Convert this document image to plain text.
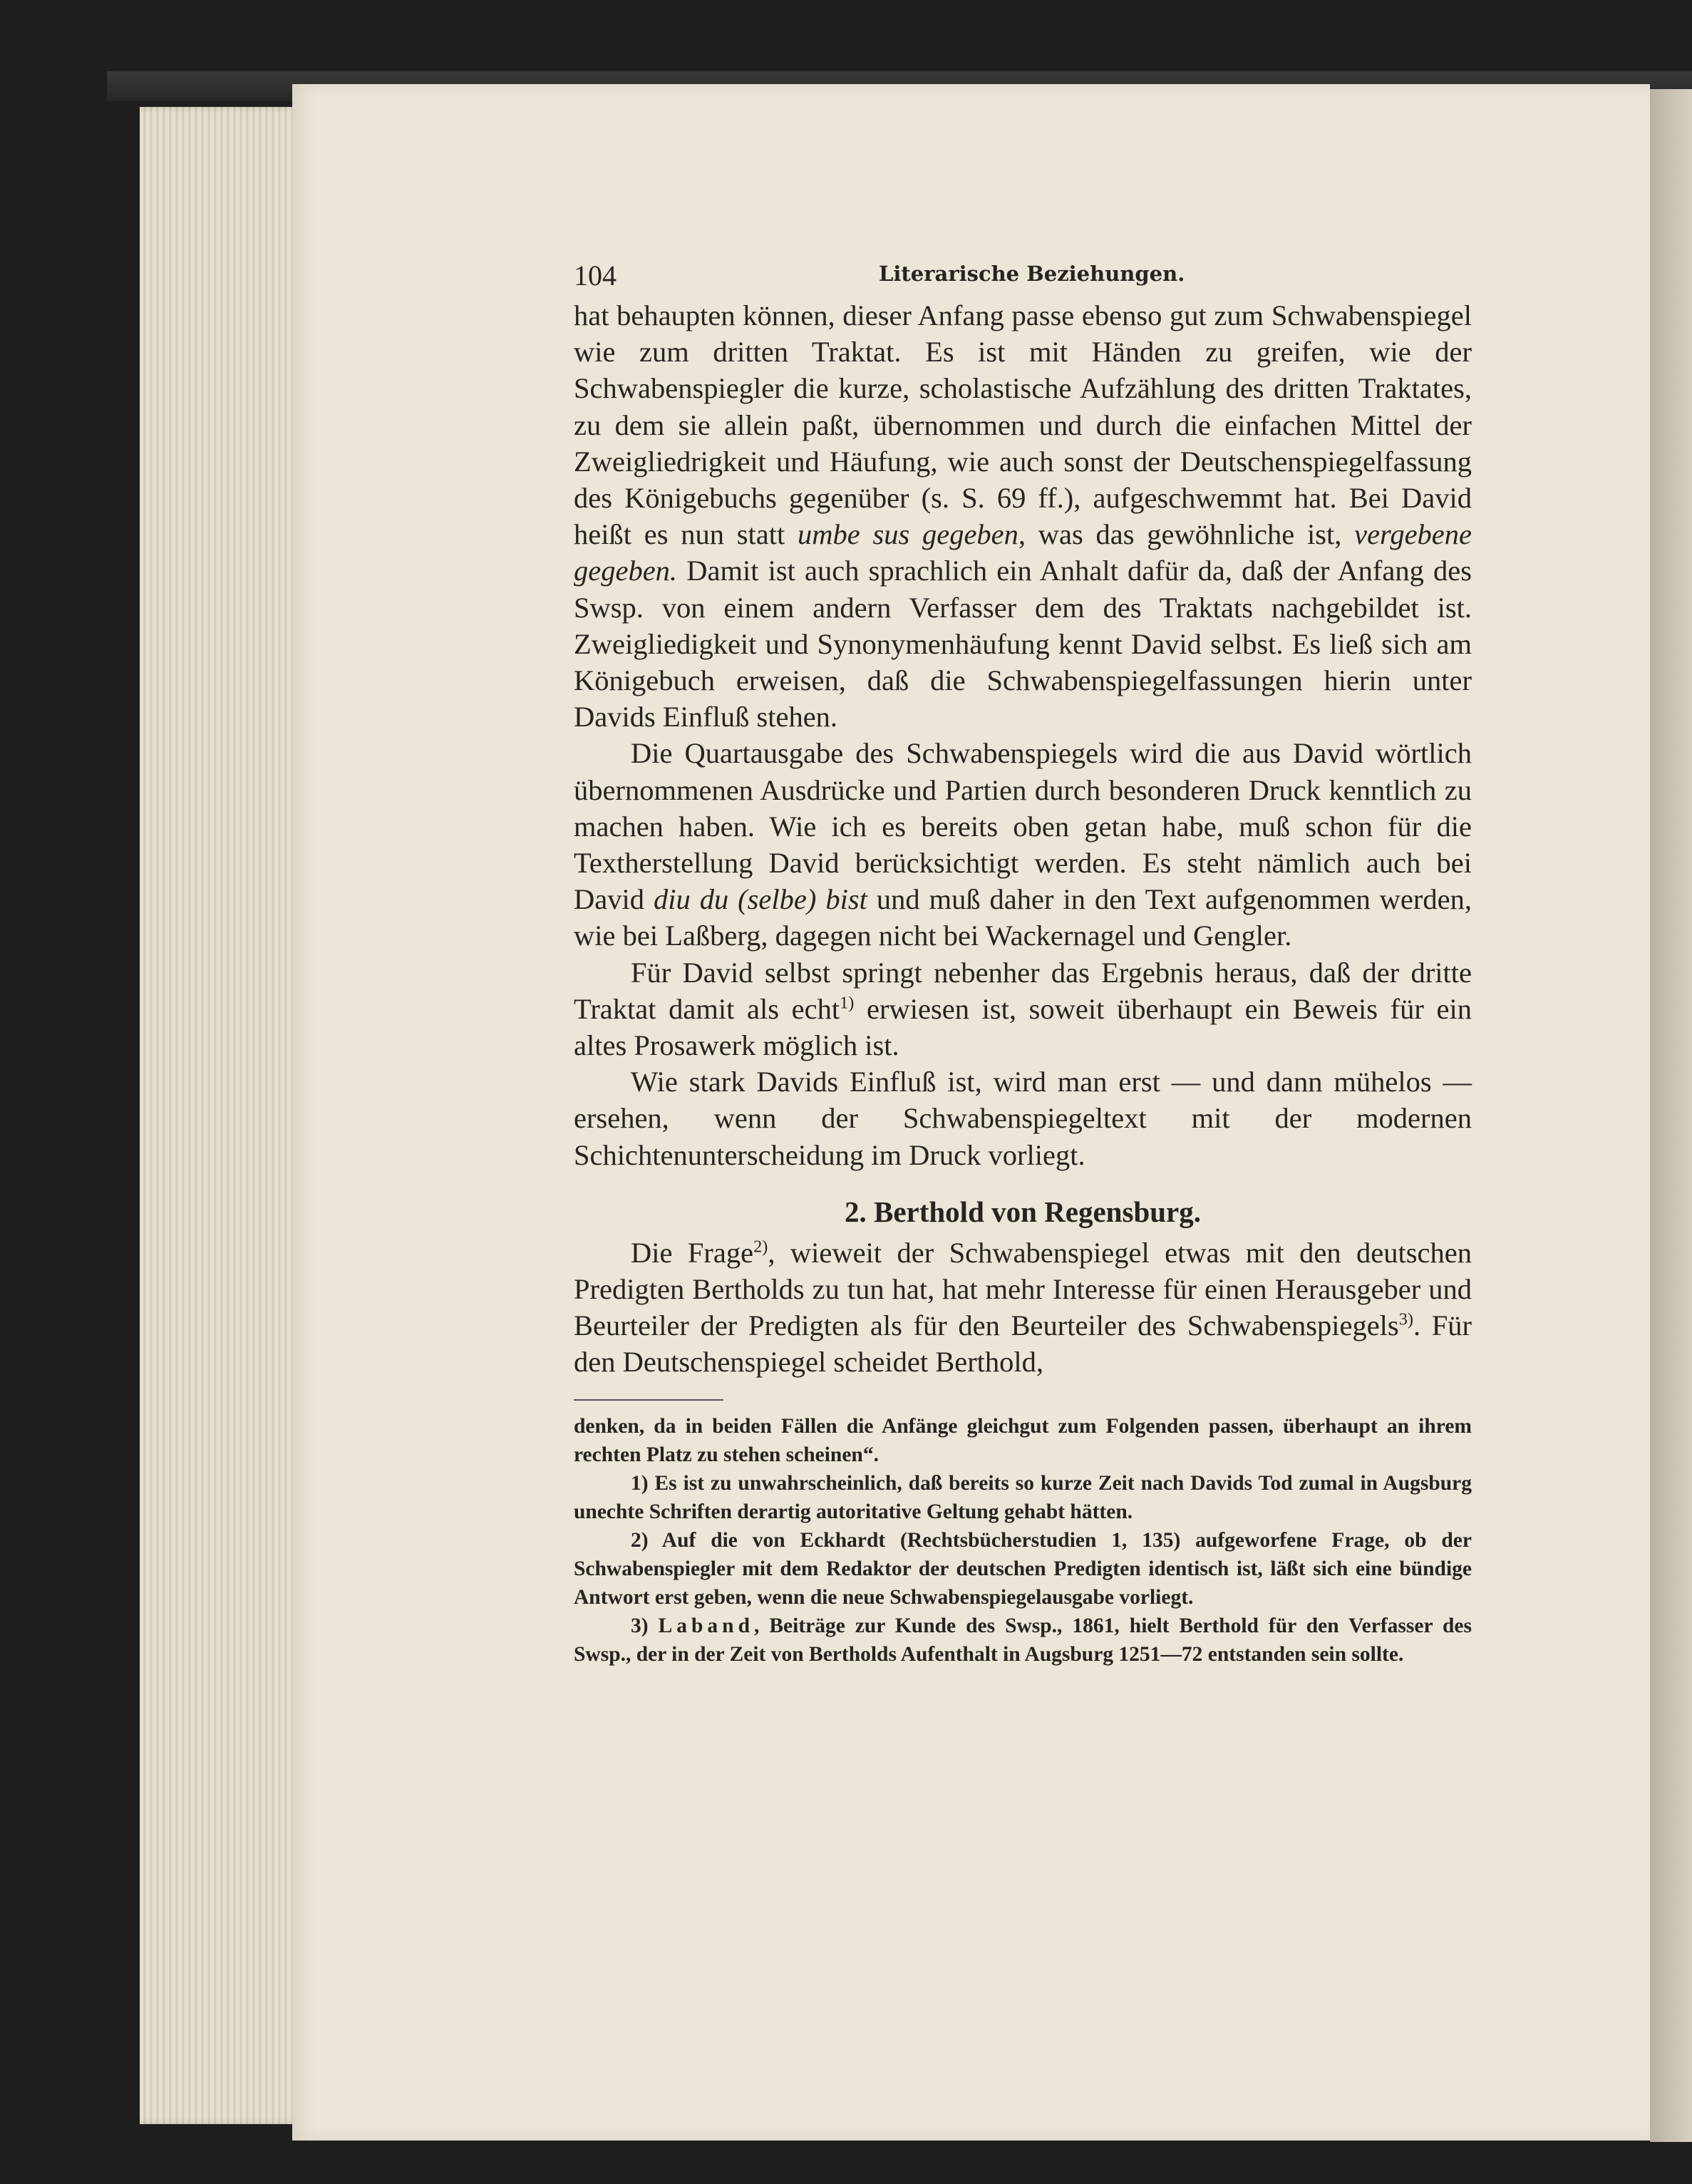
104	Literarische Beziehungen.

hat behaupten können, dieser Anfang passe ebenso gut zum Schwabenspiegel wie zum dritten Traktat. Es ist mit Händen zu greifen, wie der Schwabenspiegler die kurze, scholastische Aufzählung des dritten Traktates, zu dem sie allein paßt, übernommen und durch die einfachen Mittel der Zweigliedrigkeit und Häufung, wie auch sonst der Deutschenspiegelfassung des Königebuchs gegenüber (s. S. 69 ff.), aufgeschwemmt hat. Bei David heißt es nun statt umbe sus gegeben, was das gewöhnliche ist, vergebene gegeben. Damit ist auch sprachlich ein Anhalt dafür da, daß der Anfang des Swsp. von einem andern Verfasser dem des Traktats nachgebildet ist. Zweigliedigkeit und Synonymenhäufung kennt David selbst. Es ließ sich am Königebuch erweisen, daß die Schwabenspiegelfassungen hierin unter Davids Einfluß stehen.

Die Quartausgabe des Schwabenspiegels wird die aus David wörtlich übernommenen Ausdrücke und Partien durch besonderen Druck kenntlich zu machen haben. Wie ich es bereits oben getan habe, muß schon für die Textherstellung David berücksichtigt werden. Es steht nämlich auch bei David diu du (selbe) bist und muß daher in den Text aufgenommen werden, wie bei Laßberg, dagegen nicht bei Wackernagel und Gengler.

Für David selbst springt nebenher das Ergebnis heraus, daß der dritte Traktat damit als echt$^{1)}$ erwiesen ist, soweit überhaupt ein Beweis für ein altes Prosawerk möglich ist.

Wie stark Davids Einfluß ist, wird man erst — und dann mühelos — ersehen, wenn der Schwabenspiegeltext mit der modernen Schichtenunterscheidung im Druck vorliegt.

2. Berthold von Regensburg.

Die Frage$^{2)}$, wieweit der Schwabenspiegel etwas mit den deutschen Predigten Bertholds zu tun hat, hat mehr Interesse für einen Herausgeber und Beurteiler der Predigten als für den Beurteiler des Schwabenspiegels$^{3)}$. Für den Deutschenspiegel scheidet Berthold,

denken, da in beiden Fällen die Anfänge gleichgut zum Folgenden passen, überhaupt an ihrem rechten Platz zu stehen scheinen“.

1) Es ist zu unwahrscheinlich, daß bereits so kurze Zeit nach Davids Tod zumal in Augsburg unechte Schriften derartig autoritative Geltung gehabt hätten.

2) Auf die von Eckhardt (Rechtsbücherstudien 1, 135) aufgeworfene Frage, ob der Schwabenspiegler mit dem Redaktor der deutschen Predigten identisch ist, läßt sich eine bündige Antwort erst geben, wenn die neue Schwabenspiegelausgabe vorliegt.

3) Laband, Beiträge zur Kunde des Swsp., 1861, hielt Berthold für den Verfasser des Swsp., der in der Zeit von Bertholds Aufenthalt in Augsburg 1251—72 entstanden sein sollte.
